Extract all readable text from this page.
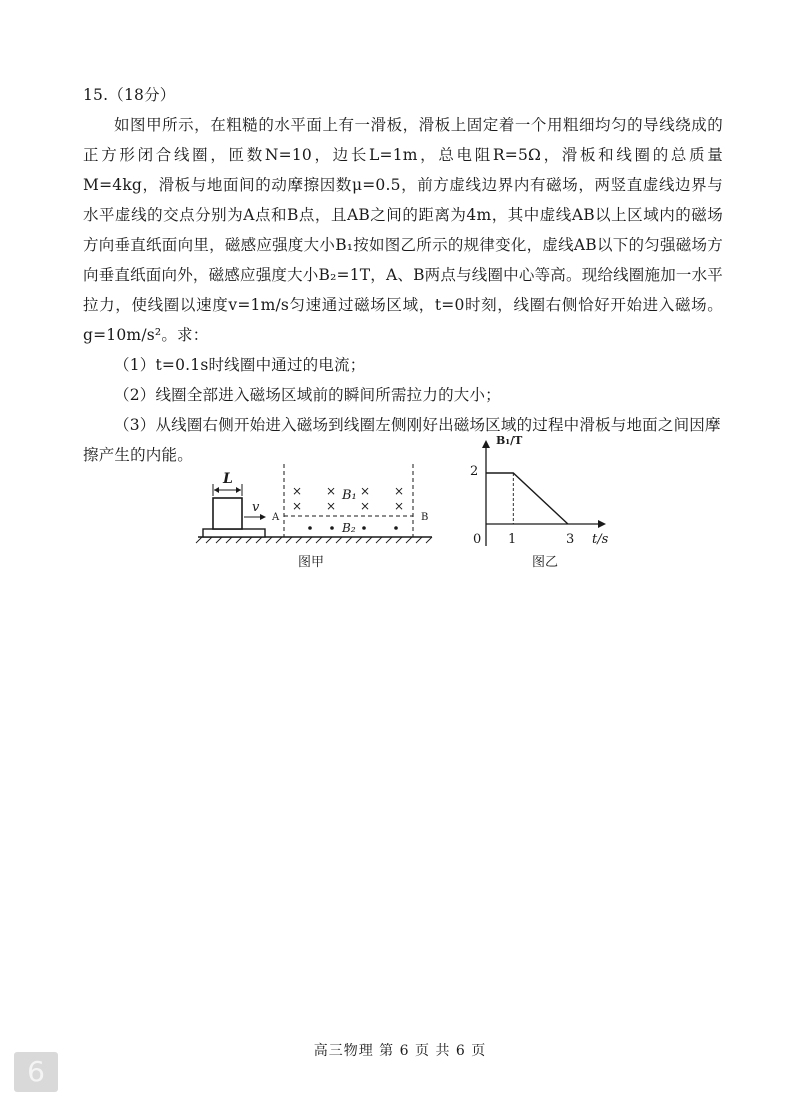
15.（18分）
如图甲所示，在粗糙的水平面上有一滑板，滑板上固定着一个用粗细均匀的导线绕成的正方形闭合线圈，匝数N=10，边长L=1m，总电阻R=5Ω，滑板和线圈的总质量M=4kg，滑板与地面间的动摩擦因数μ=0.5，前方虚线边界内有磁场，两竖直虚线边界与水平虚线的交点分别为A点和B点，且AB之间的距离为4m，其中虚线AB以上区域内的磁场方向垂直纸面向里，磁感应强度大小B₁按如图乙所示的规律变化，虚线AB以下的匀强磁场方向垂直纸面向外，磁感应强度大小B₂=1T，A、B两点与线圈中心等高。现给线圈施加一水平拉力，使线圈以速度v=1m/s匀速通过磁场区域，t=0时刻，线圈右侧恰好开始进入磁场。g=10m/s²。求：
（1）t=0.1s时线圈中通过的电流；
（2）线圈全部进入磁场区域前的瞬间所需拉力的大小；
（3）从线圈右侧开始进入磁场到线圈左侧刚好出磁场区域的过程中滑板与地面之间因摩擦产生的内能。
L
v
A	B
× × × ×
× × × ×
B₁
B₂
图甲
B₁/T
t/s
0 1	3
2
图乙
高三物理 第 6 页 共 6 页
6
